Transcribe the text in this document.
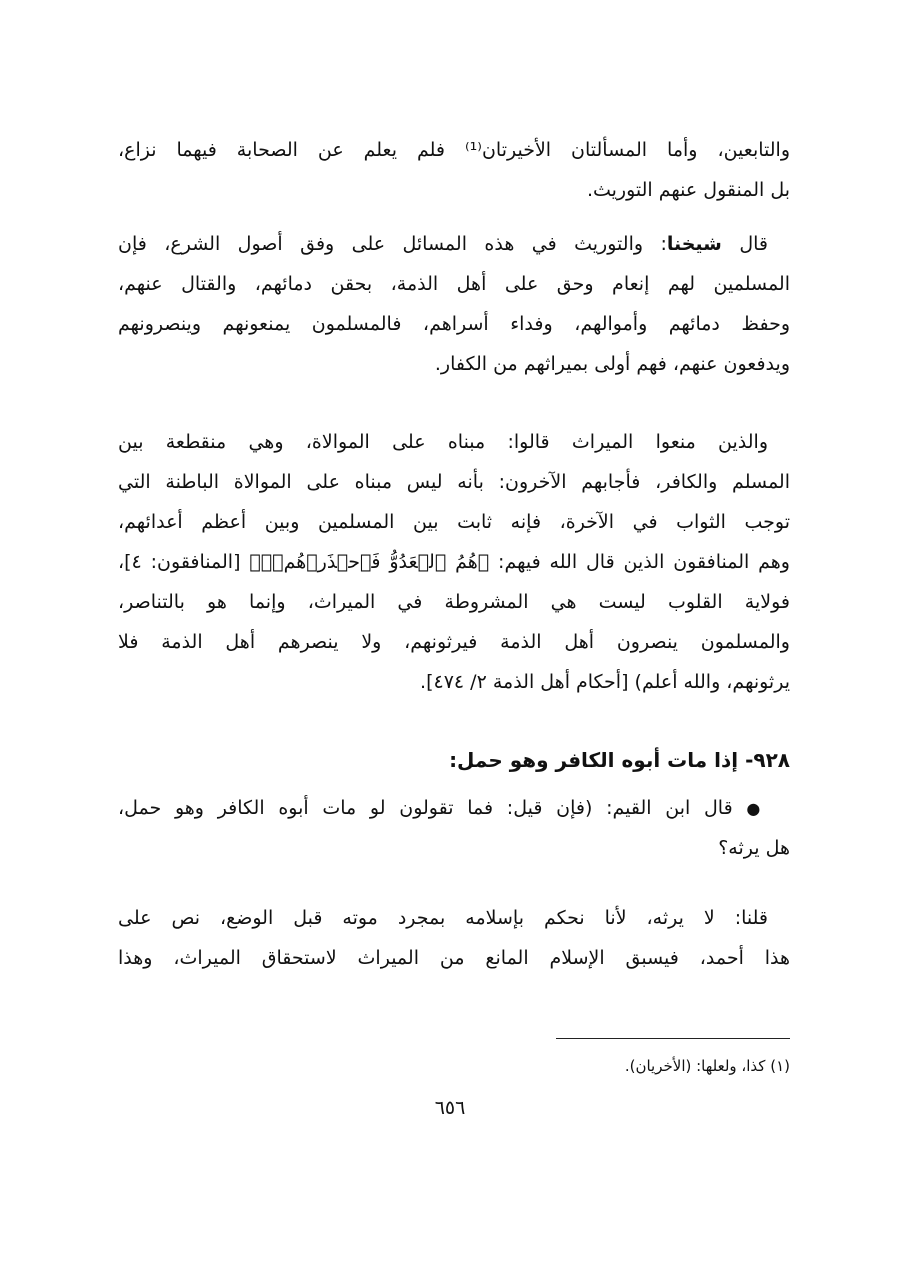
والتابعين، وأما المسألتان الأخيرتان⁽¹⁾ فلم يعلم عن الصحابة فيهما نزاع،
بل المنقول عنهم التوريث.
قال شيخنا: والتوريث في هذه المسائل على وفق أصول الشرع، فإن
المسلمين لهم إنعام وحق على أهل الذمة، بحقن دمائهم، والقتال عنهم،
وحفظ دمائهم وأموالهم، وفداء أسراهم، فالمسلمون يمنعونهم وينصرونهم
ويدفعون عنهم، فهم أولى بميراثهم من الكفار.
والذين منعوا الميراث قالوا: مبناه على الموالاة، وهي منقطعة بين
المسلم والكافر، فأجابهم الآخرون: بأنه ليس مبناه على الموالاة الباطنة التي
توجب الثواب في الآخرة، فإنه ثابت بين المسلمين وبين أعظم أعدائهم،
وهم المنافقون الذين قال الله فيهم: ﴿هُمُ ٱلۡعَدُوُّ فَٱحۡذَرۡهُمۡۚ﴾ [المنافقون: ٤]،
فولاية القلوب ليست هي المشروطة في الميراث، وإنما هو بالتناصر،
والمسلمون ينصرون أهل الذمة فيرثونهم، ولا ينصرهم أهل الذمة فلا
يرثونهم، والله أعلم) [أحكام أهل الذمة ٢/ ٤٧٤].
٩٢٨- إذا مات أبوه الكافر وهو حمل:
●قال ابن القيم: (فإن قيل: فما تقولون لو مات أبوه الكافر وهو حمل،
هل يرثه؟
قلنا: لا يرثه، لأنا نحكم بإسلامه بمجرد موته قبل الوضع، نص على
هذا أحمد، فيسبق الإسلام المانع من الميراث لاستحقاق الميراث، وهذا
(١) كذا، ولعلها: (الأخريان).
٦٥٦
